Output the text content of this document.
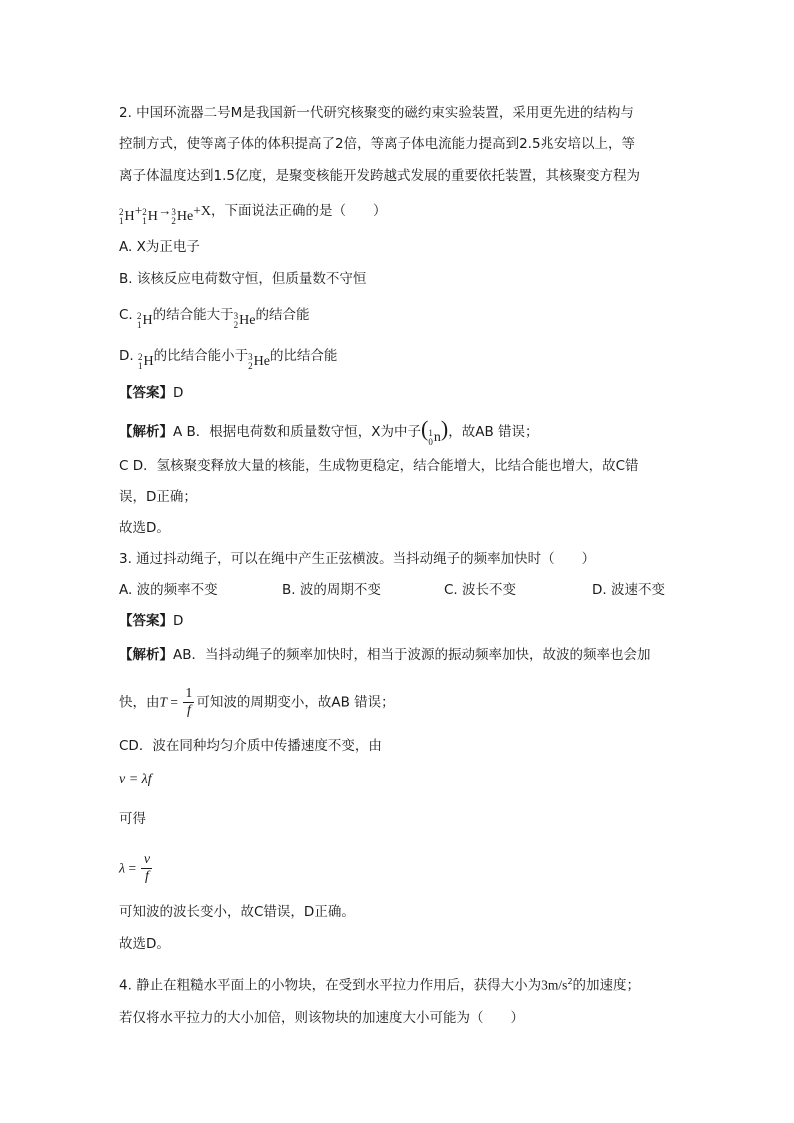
2. 中国环流器二号M是我国新一代研究核聚变的磁约束实验装置，采用更先进的结构与
控制方式，使等离子体的体积提高了2倍，等离子体电流能力提高到2.5兆安培以上，等
离子体温度达到1.5亿度，是聚变核能开发跨越式发展的重要依托装置，其核聚变方程为
2
1 H + 2
1 H → 3
2 He +X，下面说法正确的是（　　）
A. X为正电子
B. 该核反应电荷数守恒，但质量数不守恒
C. 2
1 H 的结合能大于 3
2 He 的结合能
D. 2
1 H 的比结合能小于 3
2 He 的比结合能
【答案】D
【解析】A B．根据电荷数和质量数守恒，X为中子( 1
0 n )，故AB 错误；
C D．氢核聚变释放大量的核能，生成物更稳定，结合能增大，比结合能也增大，故C错
误，D正确；
故选D。
3. 通过抖动绳子，可以在绳中产生正弦横波。当抖动绳子的频率加快时（　　）
A. 波的频率不变	B. 波的周期不变	C. 波长不变	D. 波速不变
【答案】D
【解析】AB．当抖动绳子的频率加快时，相当于波源的振动频率加快，故波的频率也会加
快，由$T = \frac{1}{f}$ 可知波的周期变小，故AB 错误；
CD．波在同种均匀介质中传播速度不变，由
v = λf
可得
$\lambda = \frac{v}{f}$
可知波的波长变小，故C错误，D正确。
故选D。
4. 静止在粗糙水平面上的小物块，在受到水平拉力作用后，获得大小为$3m/s^2$的加速度；
若仅将水平拉力的大小加倍，则该物块的加速度大小可能为（　　）
